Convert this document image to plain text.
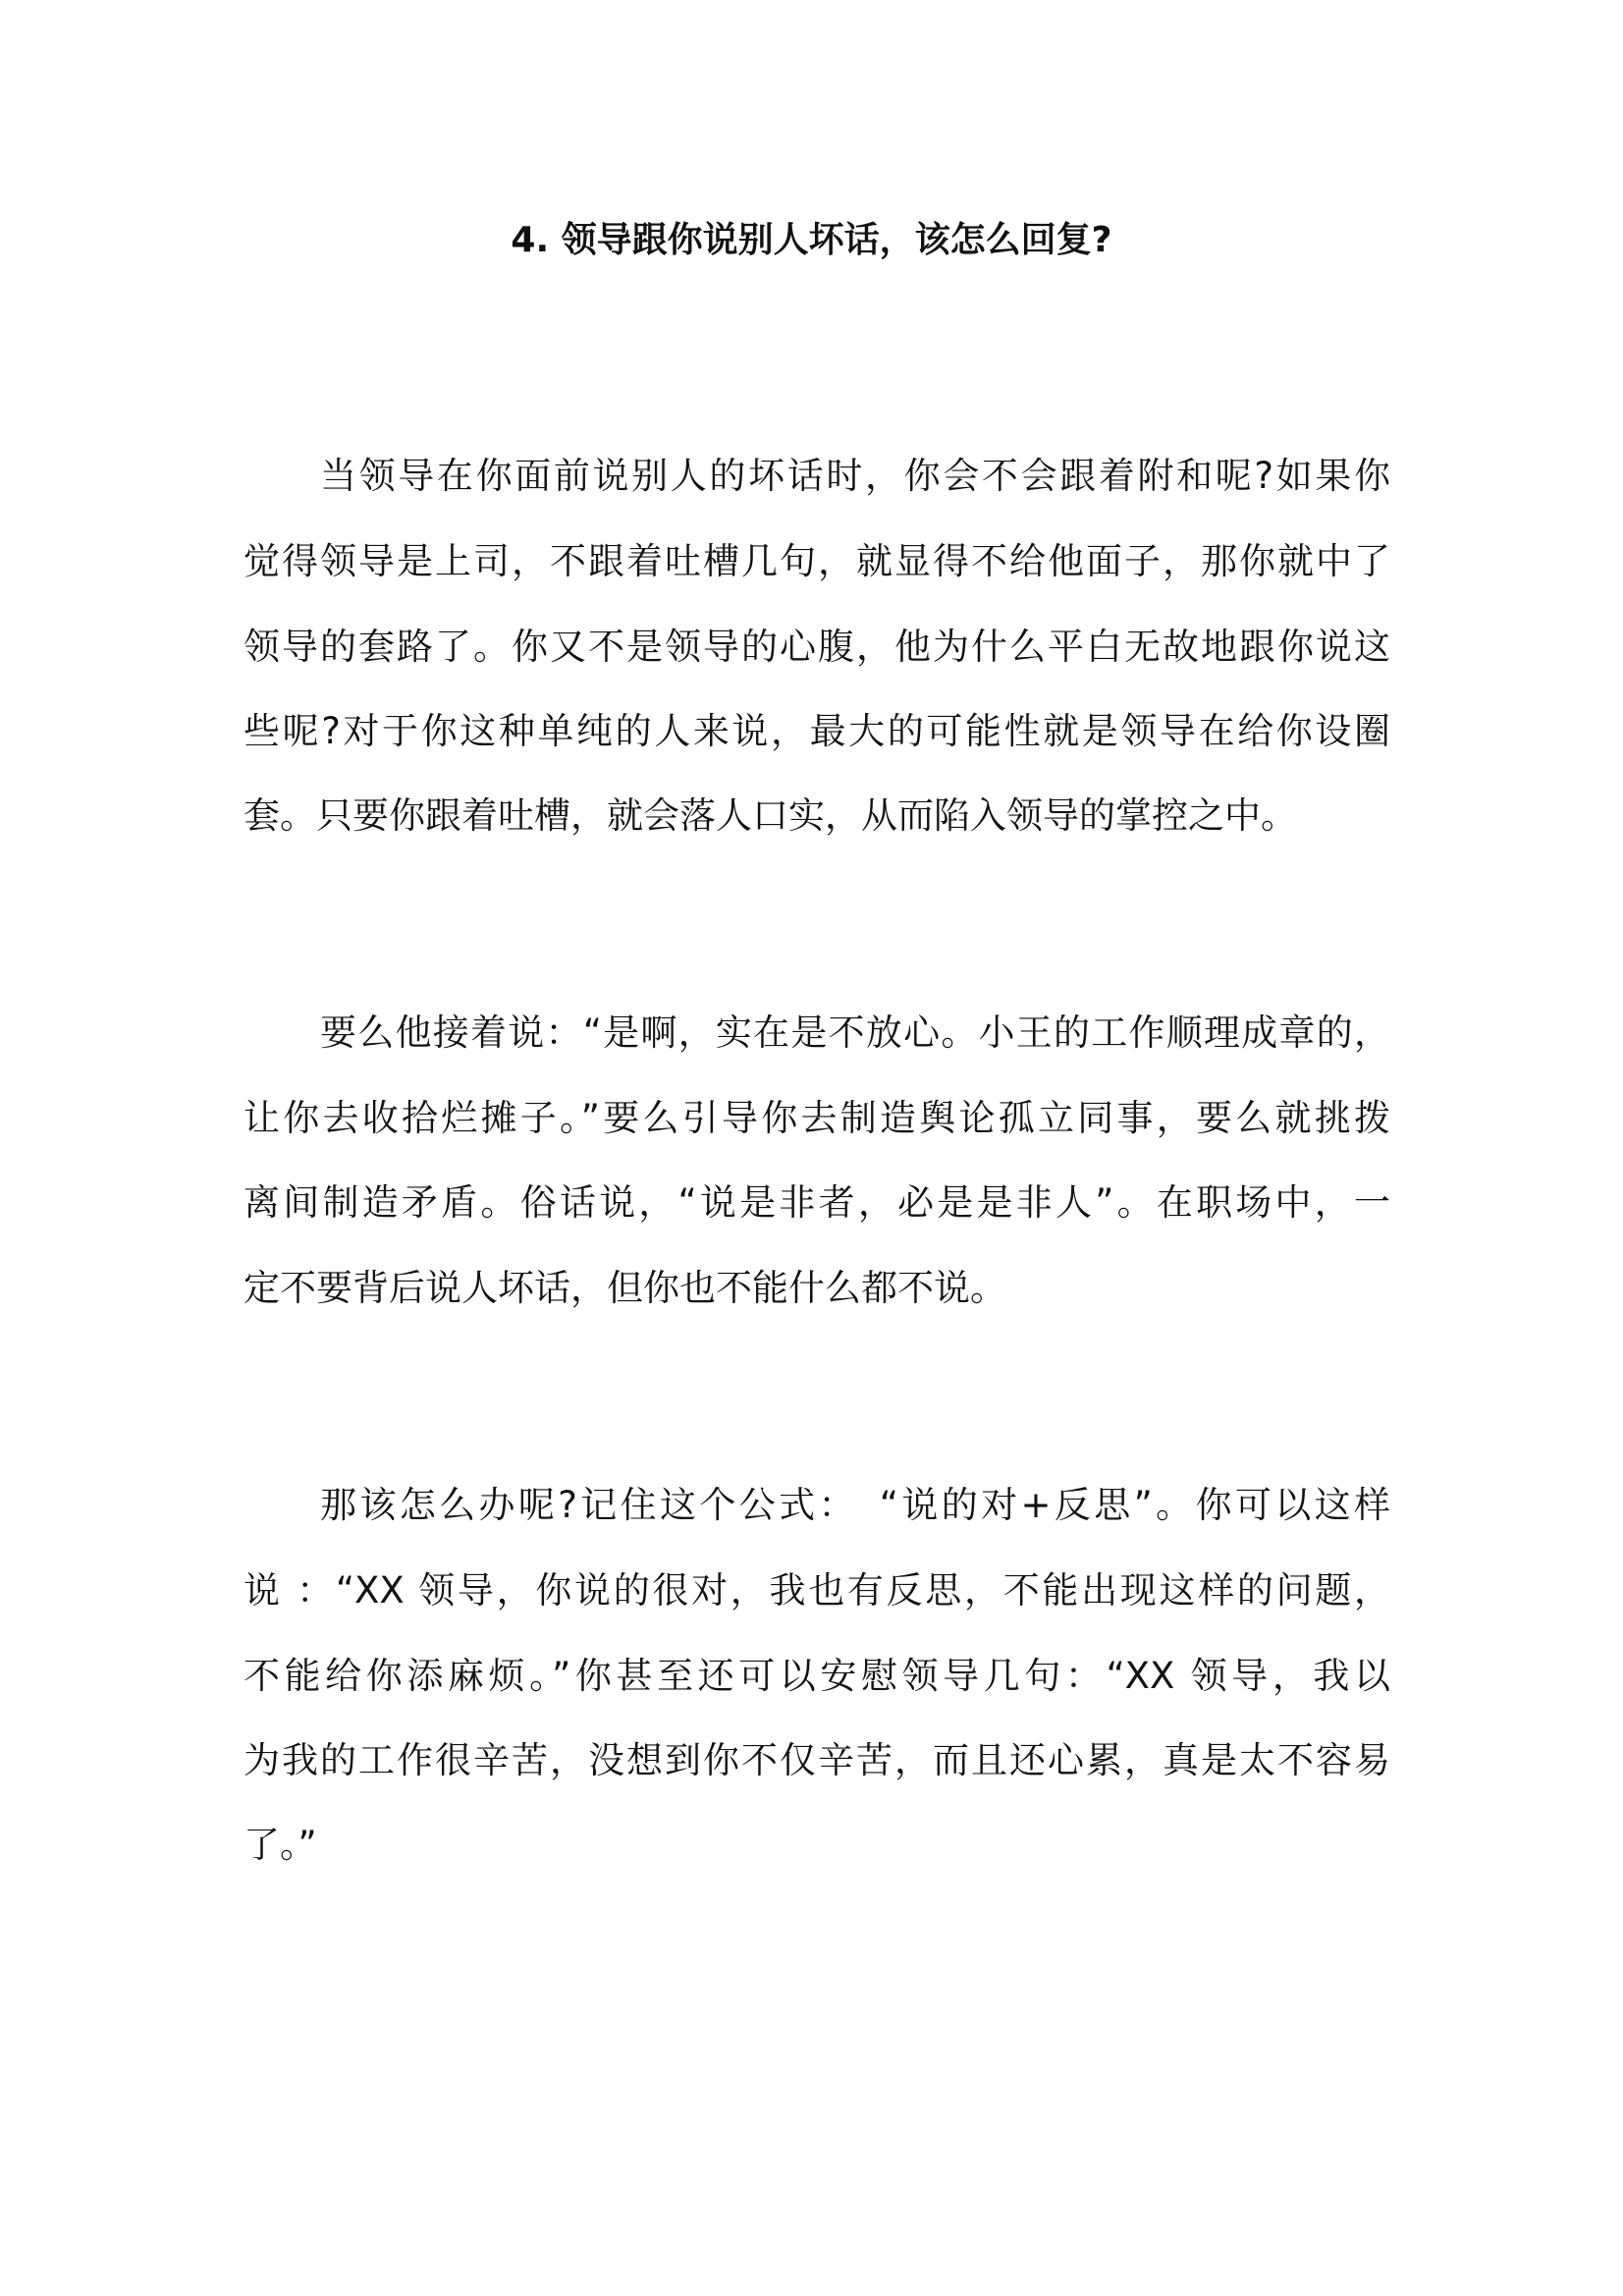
4. 领导跟你说别人坏话，该怎么回复?
当领导在你面前说别人的坏话时，你会不会跟着附和呢?如果你
觉得领导是上司，不跟着吐槽几句，就显得不给他面子，那你就中了
领导的套路了。你又不是领导的心腹，他为什么平白无故地跟你说这
些呢?对于你这种单纯的人来说，最大的可能性就是领导在给你设圈
套。只要你跟着吐槽，就会落人口实，从而陷入领导的掌控之中。
要么他接着说：“是啊，实在是不放心。小王的工作顺理成章的，
让你去收拾烂摊子。”要么引导你去制造舆论孤立同事，要么就挑拨
离间制造矛盾。俗话说，“说是非者，必是是非人”。在职场中，一
定不要背后说人坏话，但你也不能什么都不说。
那该怎么办呢?记住这个公式：　“说的对+反思”。你可以这样
说 ：“XX 领导，你说的很对，我也有反思，不能出现这样的问题，
不能给你添麻烦。”你甚至还可以安慰领导几句：“XX 领导，我以
为我的工作很辛苦，没想到你不仅辛苦，而且还心累，真是太不容易
了。”
